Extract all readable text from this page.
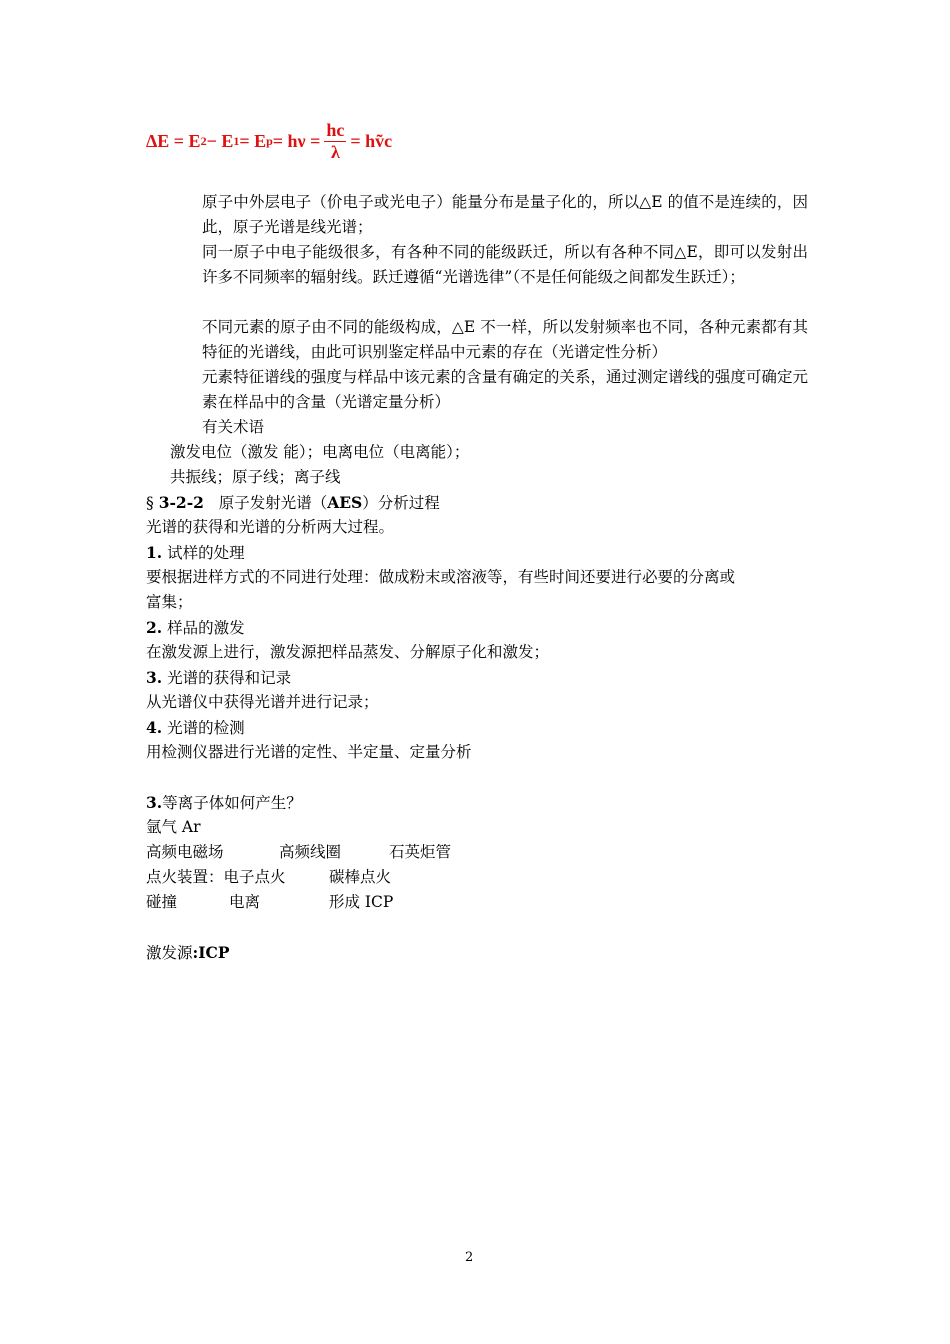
ΔE = E 2 − E 1 = E $p = h\nu = \frac{hc}{\lambda}$ = hṽc
原子中外层电子（价电子或光电子）能量分布是量子化的，所以△E 的值不是连续的，因此，原子光谱是线光谱；
同一原子中电子能级很多，有各种不同的能级跃迁，所以有各种不同△E，即可以发射出许多不同频率的辐射线。跃迁遵循“光谱选律”（不是任何能级之间都发生跃迁）；
不同元素的原子由不同的能级构成，△E 不一样，所以发射频率也不同，各种元素都有其特征的光谱线，由此可识别鉴定样品中元素的存在（光谱定性分析）
元素特征谱线的强度与样品中该元素的含量有确定的关系，通过测定谱线的强度可确定元素在样品中的含量（光谱定量分析）
有关术语
激发电位（激发 能）；电离电位（电离能）；
共振线；原子线；离子线
§ 3-2-2 原子发射光谱（AES）分析过程
光谱的获得和光谱的分析两大过程。
1. 试样的处理
要根据进样方式的不同进行处理：做成粉末或溶液等，有些时间还要进行必要的分离或
富集；
2. 样品的激发
在激发源上进行，激发源把样品蒸发、分解原子化和激发；
3. 光谱的获得和记录
从光谱仪中获得光谱并进行记录；
4. 光谱的检测
用检测仪器进行光谱的定性、半定量、定量分析
3.等离子体如何产生？
氩气 Ar
高频电磁场	高频线圈	石英炬管
点火装置：电子点火	碳棒点火
碰撞	电离	形成 ICP
激发源:ICP
2
